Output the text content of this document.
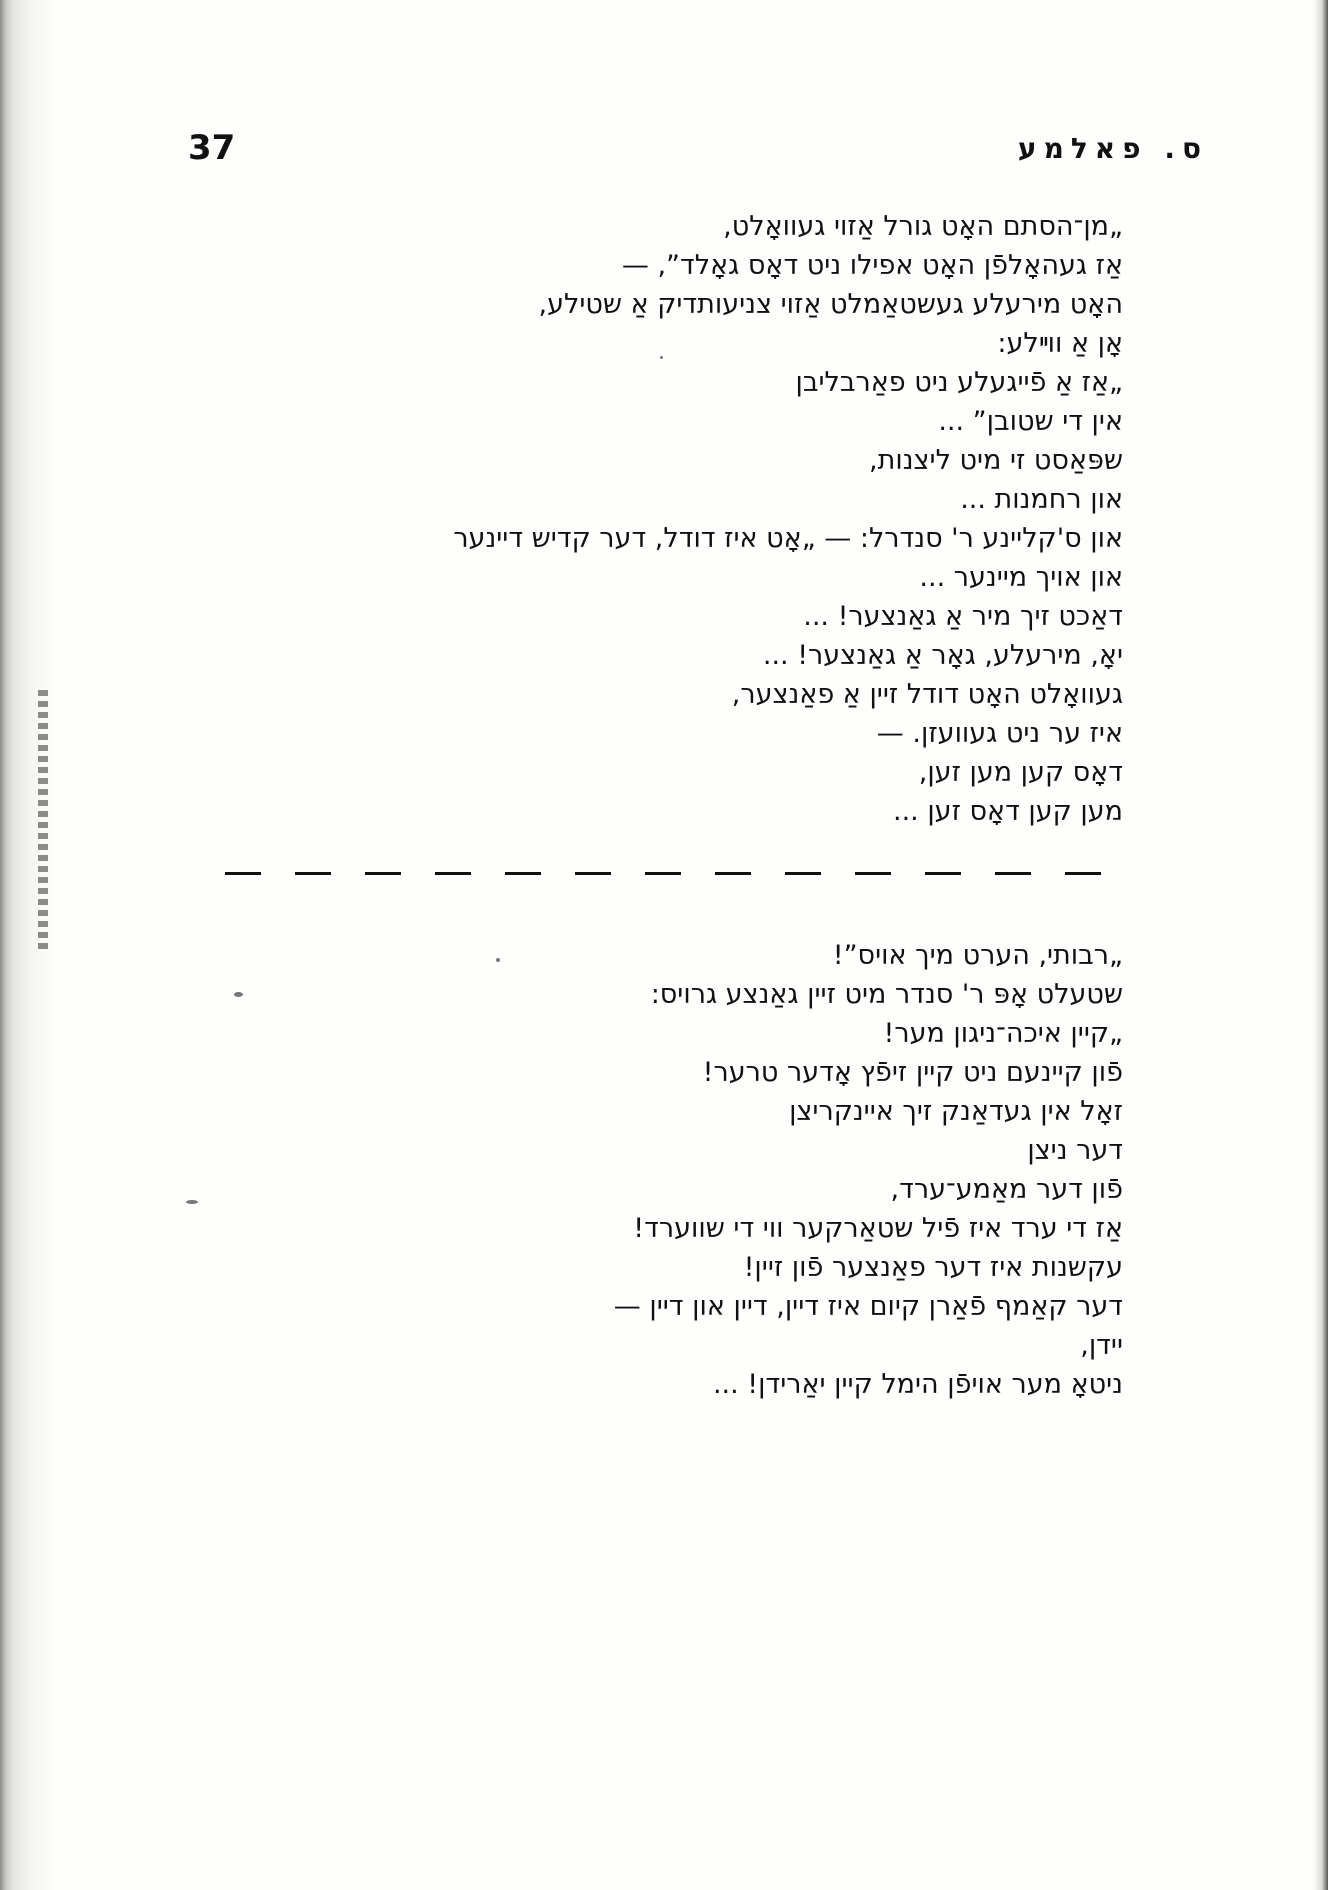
37	ס. פאלמע
„מן־הסתם האָט גורל אַזוי געוואָלט,
אַז געהאָלפֿן האָט אפילו ניט דאָס גאָלד”, —
האָט מירעלע געשטאַמלט אַזוי צניעותדיק אַ שטילע,
אָן אַ ווײלע:
„אַז אַ פֿייגעלע ניט פאַרבליבן
אין די שטובן” ...
שפּאַסט זי מיט ליצנות,
און רחמנות ...
און ס'קליינע ר' סנדרל: — „אָט איז דודל, דער קדיש דיינער
און אויך מיינער ...
דאַכט זיך מיר אַ גאַנצער! ...
יאָ, מירעלע, גאָר אַ גאַנצער! ...
געוואָלט האָט דודל זיין אַ פאַנצער,
איז ער ניט געוועזן. —
דאָס קען מען זען,
מען קען דאָס זען ...
„רבותי, הערט מיך אויס”!
שטעלט אָפּ ר' סנדר מיט זיין גאַנצע גרויס:
„קיין איכה־ניגון מער!
פֿון קיינעם ניט קיין זיפֿץ אָדער טרער!
זאָל אין געדאַנק זיך איינקריצן
דער ניצן
פֿון דער מאַמע־ערד,
אַז די ערד איז פֿיל שטאַרקער ווי די שווערד!
עקשנות איז דער פאַנצער פֿון זיין!
דער קאַמף פֿאַרן קיום איז דיין, דיין און דיין —
יידן,
ניטאָ מער אויפֿן הימל קיין יאַרידן! ...
